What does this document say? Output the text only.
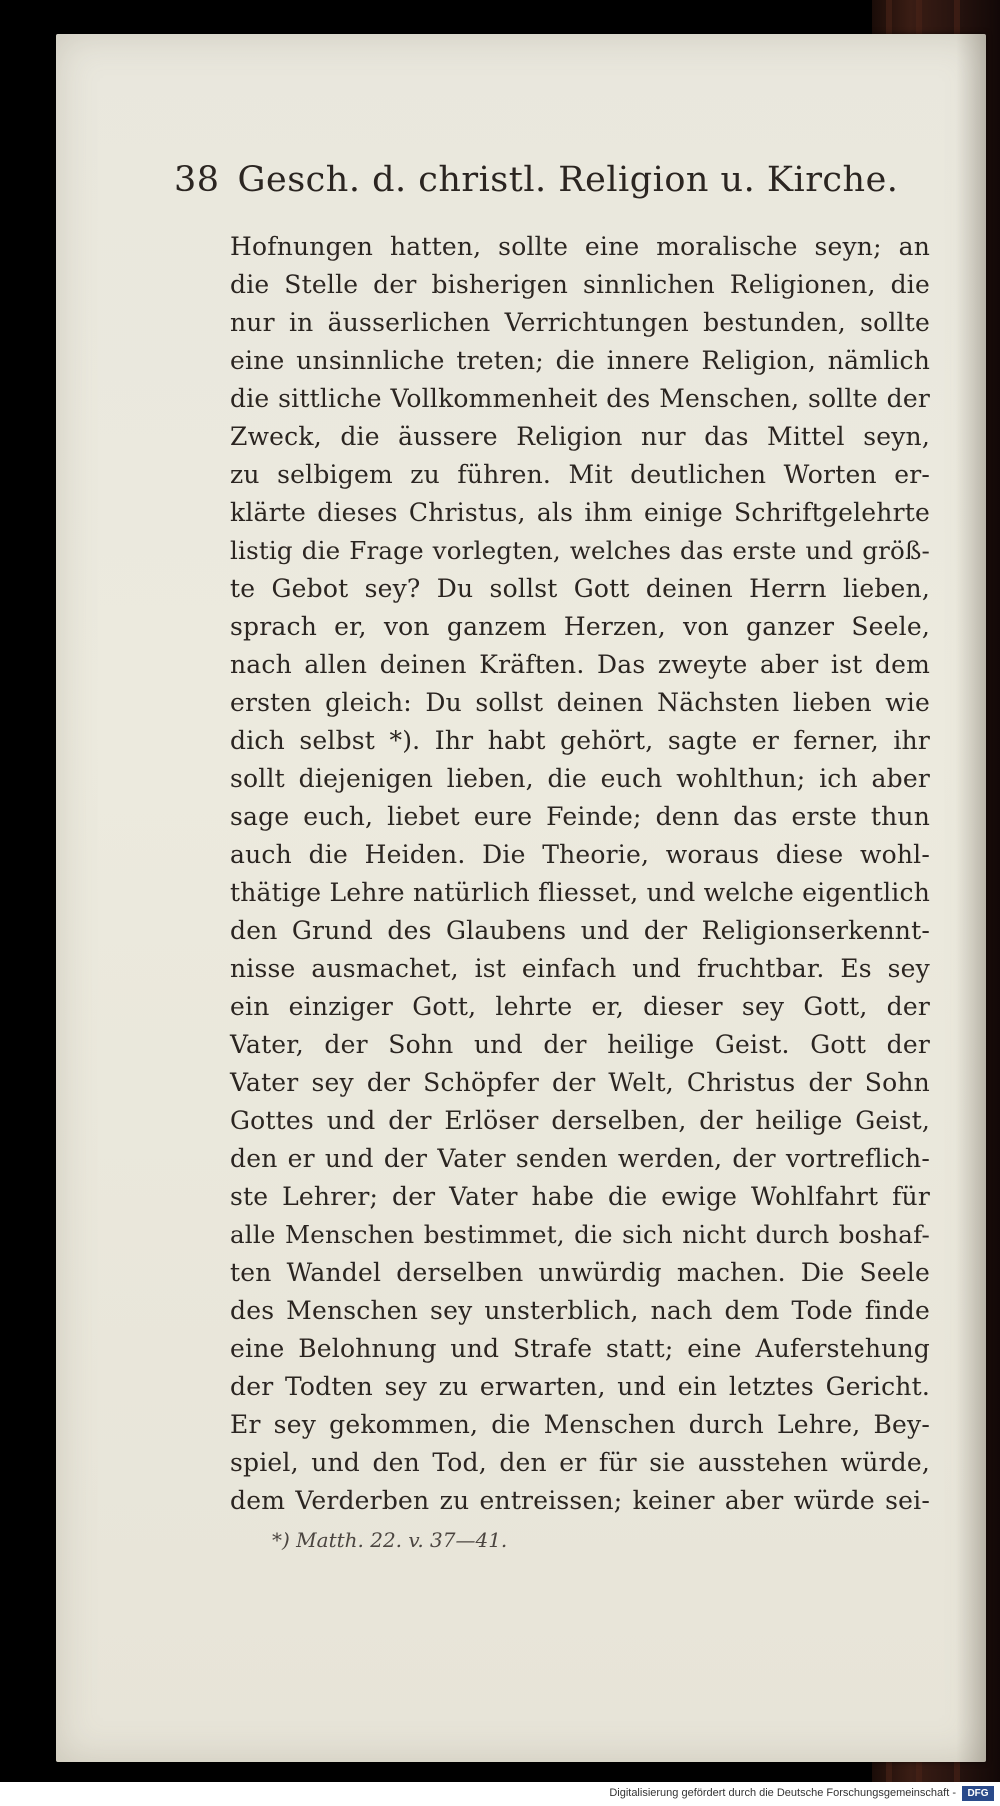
38 Gesch. d. christl. Religion u. Kirche.
Hofnungen hatten, sollte eine moralische seyn; an
die Stelle der bisherigen sinnlichen Religionen, die
nur in äusserlichen Verrichtungen bestunden, sollte
eine unsinnliche treten; die innere Religion, nämlich
die sittliche Vollkommenheit des Menschen, sollte der
Zweck, die äussere Religion nur das Mittel seyn,
zu selbigem zu führen. Mit deutlichen Worten er-
klärte dieses Christus, als ihm einige Schriftgelehrte
listig die Frage vorlegten, welches das erste und größ-
te Gebot sey? Du sollst Gott deinen Herrn lieben,
sprach er, von ganzem Herzen, von ganzer Seele,
nach allen deinen Kräften. Das zweyte aber ist dem
ersten gleich: Du sollst deinen Nächsten lieben wie
dich selbst *). Ihr habt gehört, sagte er ferner, ihr
sollt diejenigen lieben, die euch wohlthun; ich aber
sage euch, liebet eure Feinde; denn das erste thun
auch die Heiden. Die Theorie, woraus diese wohl-
thätige Lehre natürlich fliesset, und welche eigentlich
den Grund des Glaubens und der Religionserkennt-
nisse ausmachet, ist einfach und fruchtbar. Es sey
ein einziger Gott, lehrte er, dieser sey Gott, der
Vater, der Sohn und der heilige Geist. Gott der
Vater sey der Schöpfer der Welt, Christus der Sohn
Gottes und der Erlöser derselben, der heilige Geist,
den er und der Vater senden werden, der vortreflich-
ste Lehrer; der Vater habe die ewige Wohlfahrt für
alle Menschen bestimmet, die sich nicht durch boshaf-
ten Wandel derselben unwürdig machen. Die Seele
des Menschen sey unsterblich, nach dem Tode finde
eine Belohnung und Strafe statt; eine Auferstehung
der Todten sey zu erwarten, und ein letztes Gericht.
Er sey gekommen, die Menschen durch Lehre, Bey-
spiel, und den Tod, den er für sie ausstehen würde,
dem Verderben zu entreissen; keiner aber würde sei-
*) Matth. 22. v. 37—41.
Digitalisierung gefördert durch die Deutsche Forschungsgemeinschaft -	DFG
